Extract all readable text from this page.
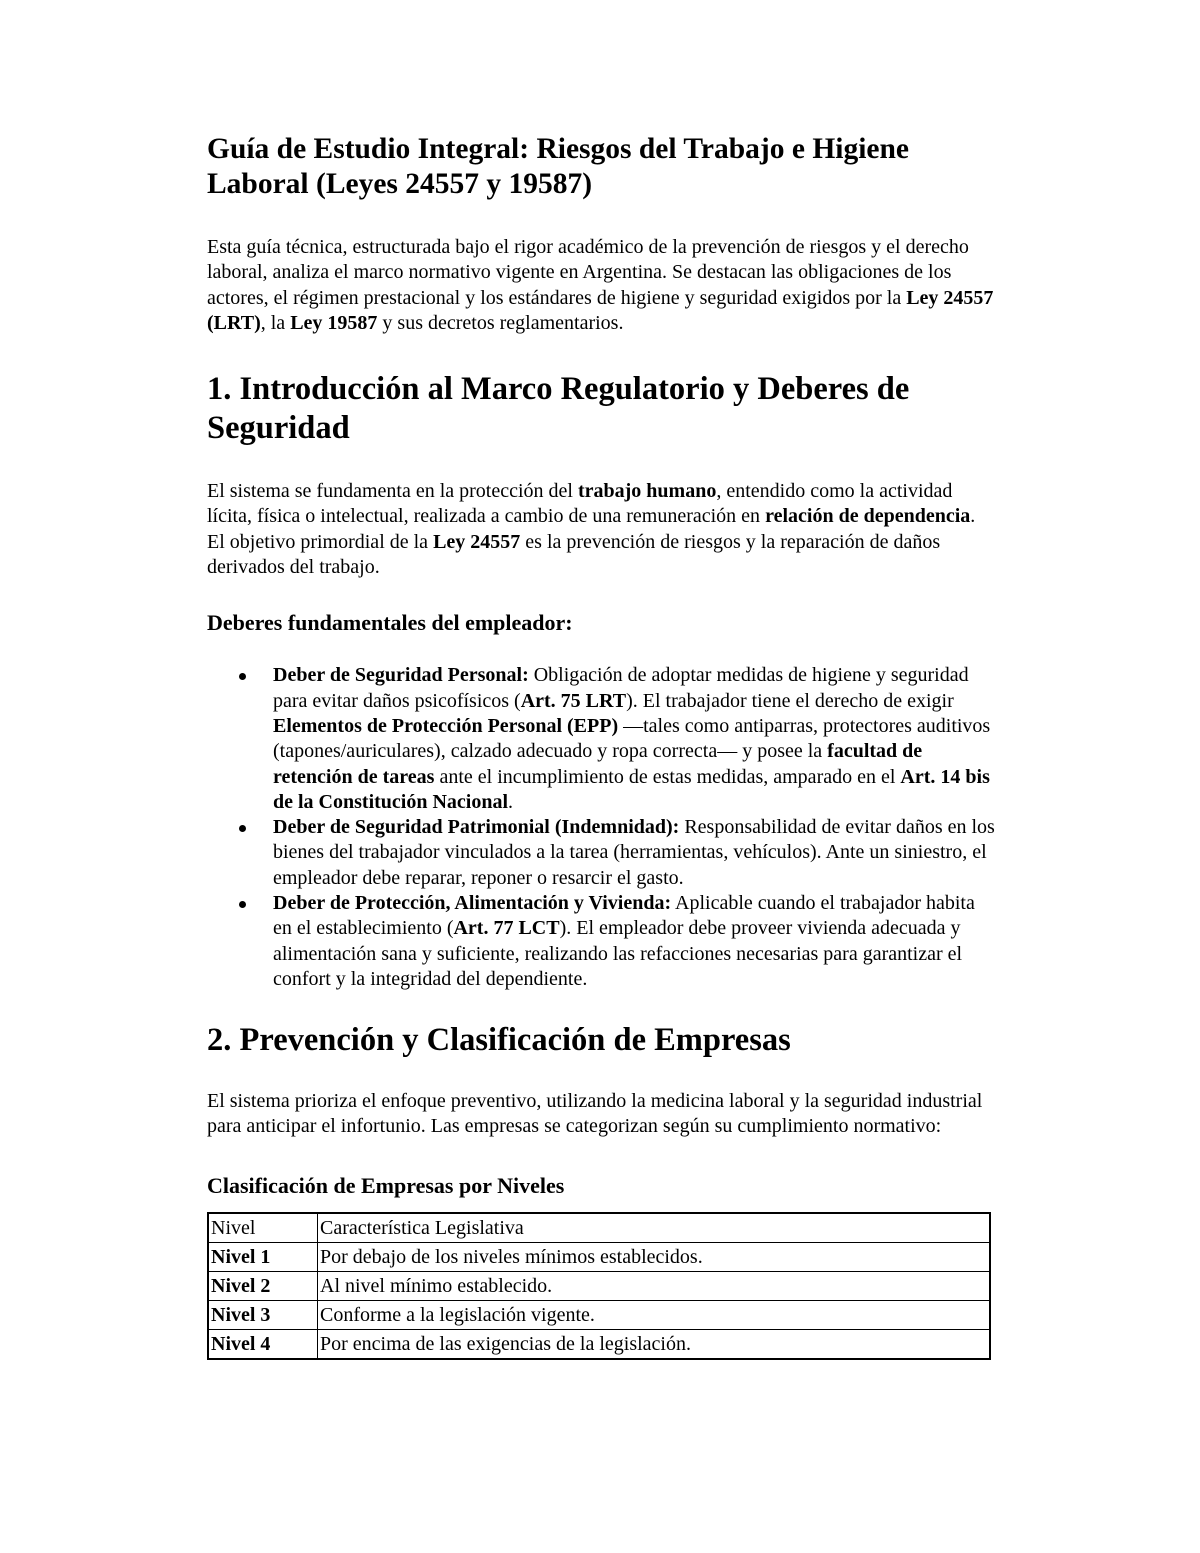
Guía de Estudio Integral: Riesgos del Trabajo e Higiene Laboral (Leyes 24557 y 19587)

Esta guía técnica, estructurada bajo el rigor académico de la prevención de riesgos y el derecho laboral, analiza el marco normativo vigente en Argentina. Se destacan las obligaciones de los actores, el régimen prestacional y los estándares de higiene y seguridad exigidos por la Ley 24557 (LRT), la Ley 19587 y sus decretos reglamentarios.

1. Introducción al Marco Regulatorio y Deberes de Seguridad

El sistema se fundamenta en la protección del trabajo humano, entendido como la actividad lícita, física o intelectual, realizada a cambio de una remuneración en relación de dependencia. El objetivo primordial de la Ley 24557 es la prevención de riesgos y la reparación de daños derivados del trabajo.

Deberes fundamentales del empleador:
Deber de Seguridad Personal: Obligación de adoptar medidas de higiene y seguridad para evitar daños psicofísicos (Art. 75 LRT). El trabajador tiene el derecho de exigir Elementos de Protección Personal (EPP) —tales como antiparras, protectores auditivos (tapones/auriculares), calzado adecuado y ropa correcta— y posee la facultad de retención de tareas ante el incumplimiento de estas medidas, amparado en el Art. 14 bis de la Constitución Nacional.
Deber de Seguridad Patrimonial (Indemnidad): Responsabilidad de evitar daños en los bienes del trabajador vinculados a la tarea (herramientas, vehículos). Ante un siniestro, el empleador debe reparar, reponer o resarcir el gasto.
Deber de Protección, Alimentación y Vivienda: Aplicable cuando el trabajador habita en el establecimiento (Art. 77 LCT). El empleador debe proveer vivienda adecuada y alimentación sana y suficiente, realizando las refacciones necesarias para garantizar el confort y la integridad del dependiente.
2. Prevención y Clasificación de Empresas

El sistema prioriza el enfoque preventivo, utilizando la medicina laboral y la seguridad industrial para anticipar el infortunio. Las empresas se categorizan según su cumplimiento normativo:

Clasificación de Empresas por Niveles
Nivel	Característica Legislativa
Nivel 1	Por debajo de los niveles mínimos establecidos.
Nivel 2	Al nivel mínimo establecido.
Nivel 3	Conforme a la legislación vigente.
Nivel 4	Por encima de las exigencias de la legislación.
